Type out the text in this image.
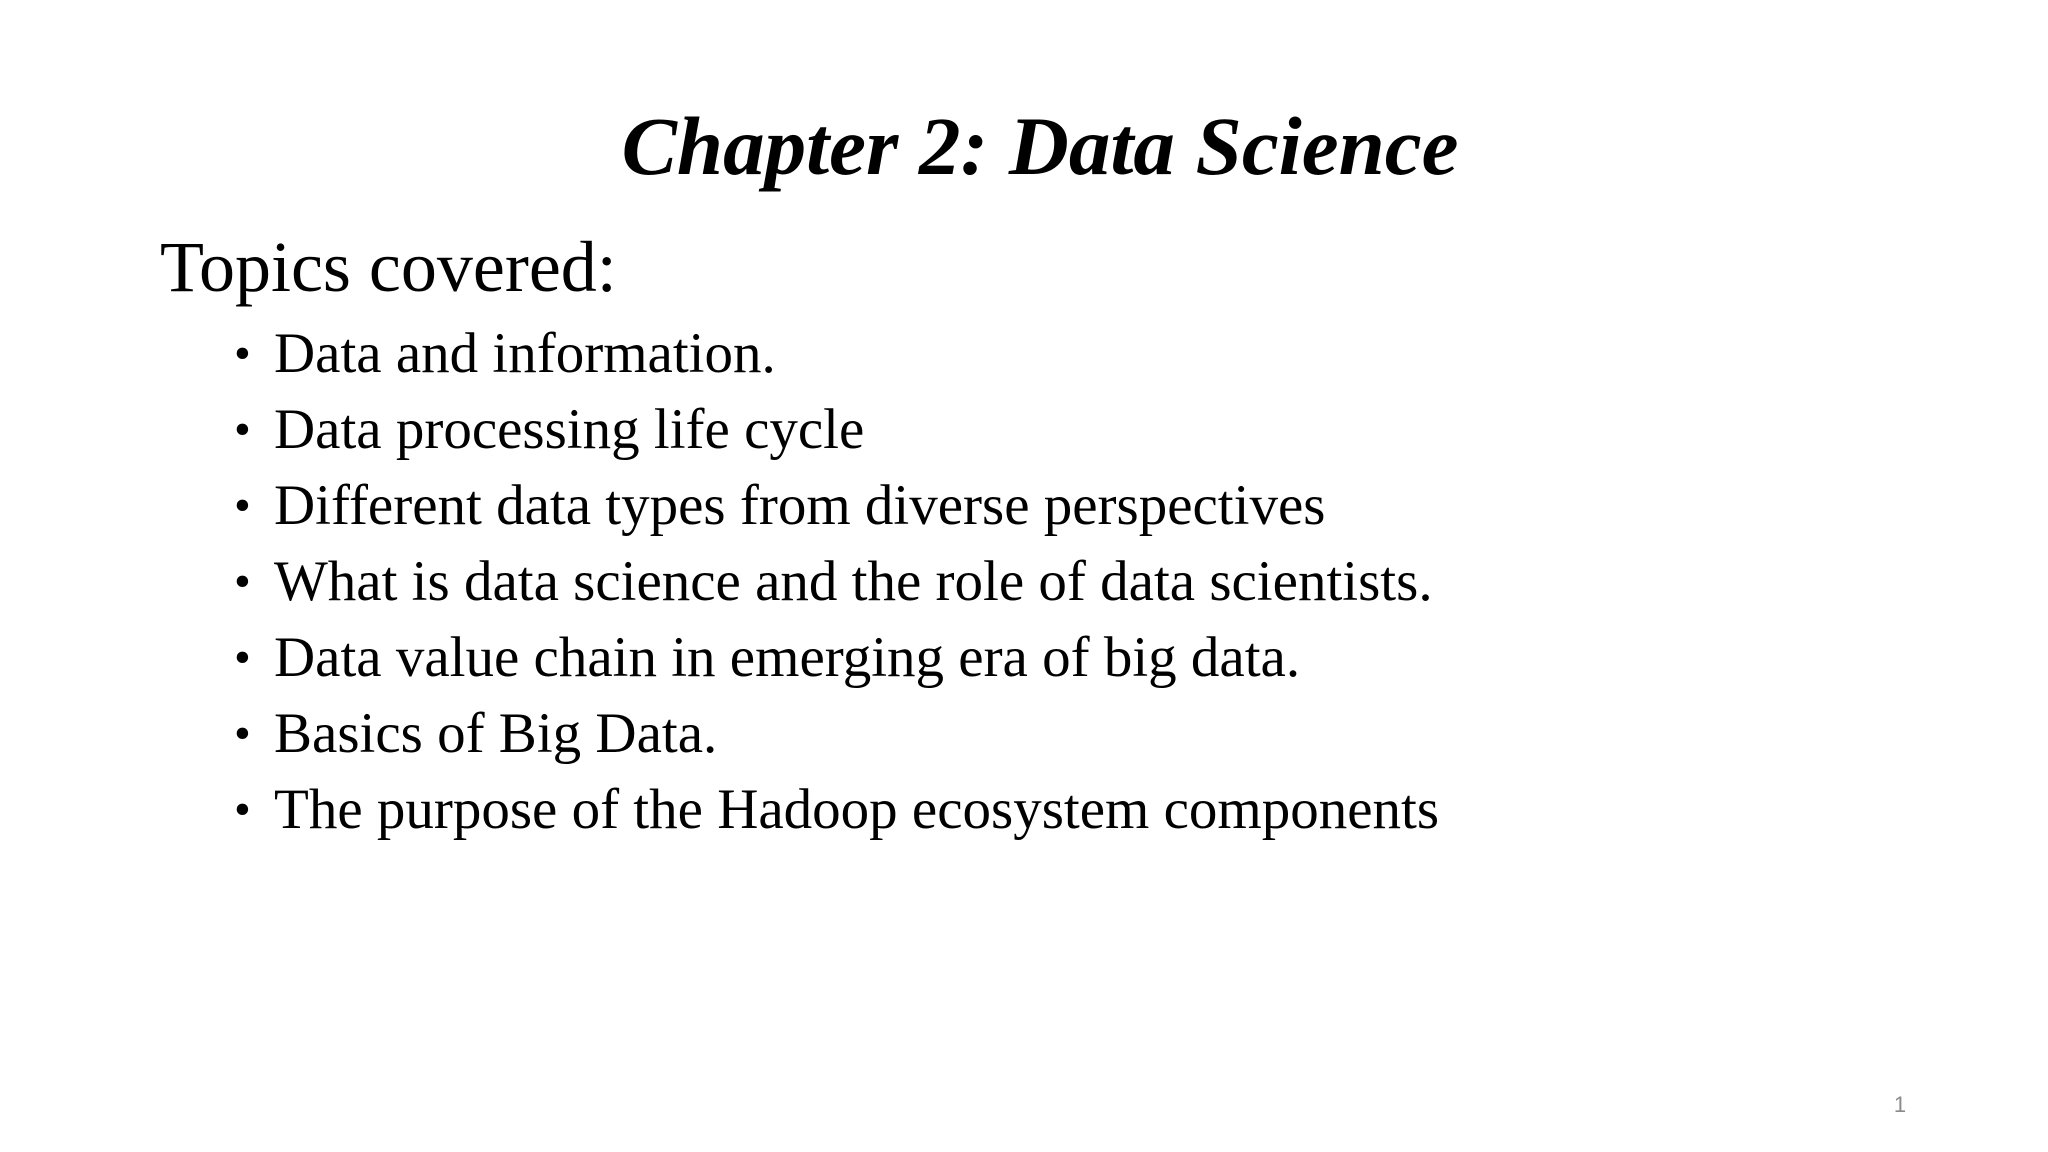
Chapter 2: Data Science
Topics covered:
• Data and information.
• Data processing life cycle
• Different data types from diverse perspectives
• What is data science and the role of data scientists.
• Data value chain in emerging era of big data.
• Basics of Big Data.
• The purpose of the Hadoop ecosystem components
1
